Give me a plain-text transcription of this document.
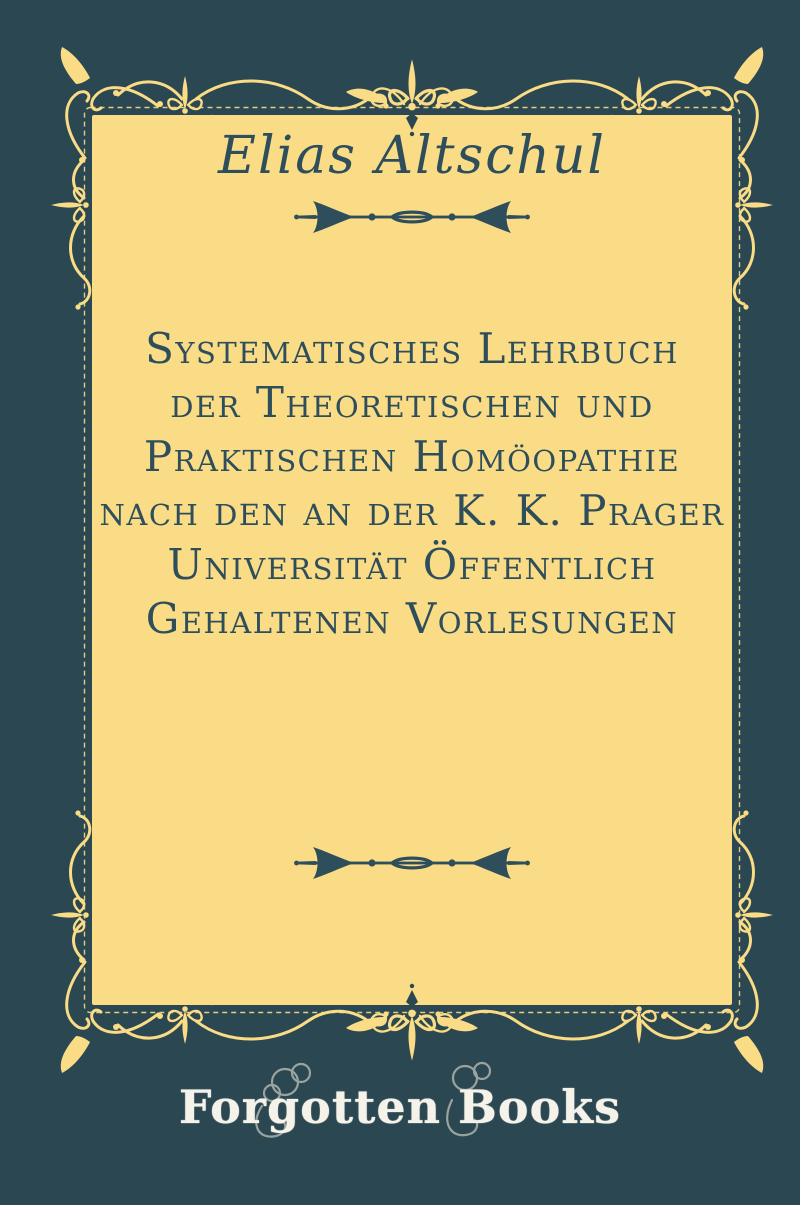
Elias Altschul
Systematisches Lehrbuch
der Theoretischen und
Praktischen Homöopathie
nach den an der K. K. Prager
Universität Öffentlich
Gehaltenen Vorlesungen
Forgotten Books
